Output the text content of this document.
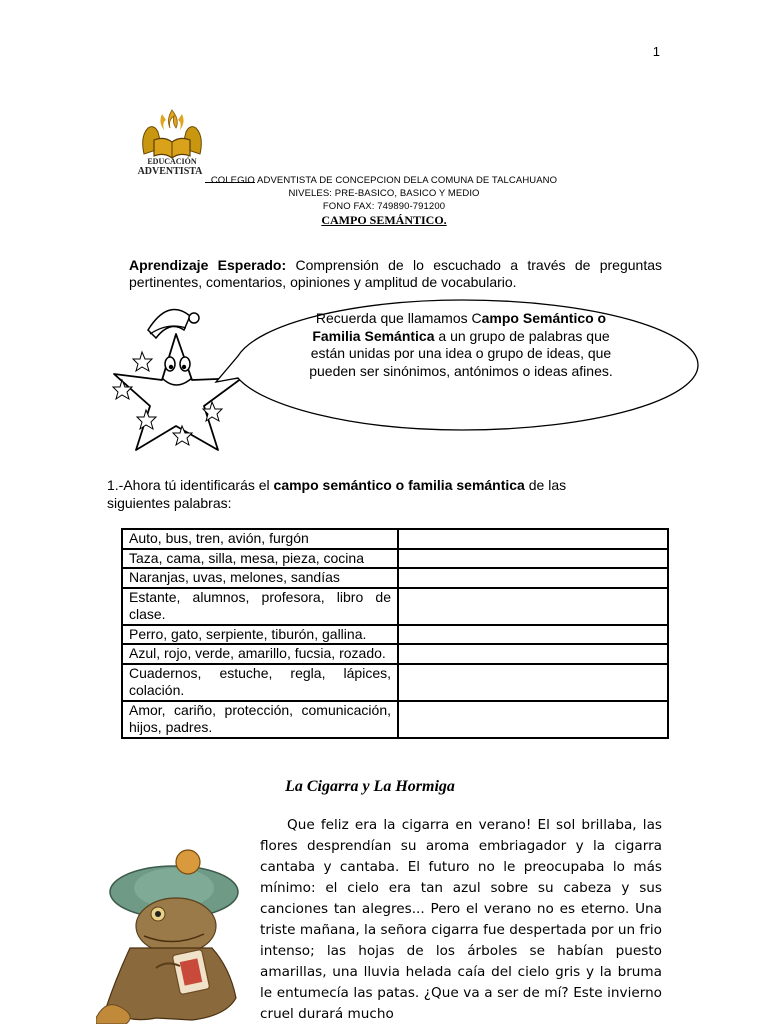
1
EDUCACIÓN
ADVENTISTA
COLEGIO ADVENTISTA DE CONCEPCION DELA COMUNA DE TALCAHUANO
NIVELES: PRE-BASICO, BASICO Y MEDIO
FONO FAX: 749890-791200
CAMPO SEMÁNTICO.
Aprendizaje Esperado: Comprensión de lo escuchado a través de preguntas pertinentes, comentarios, opiniones y amplitud de vocabulario.
Recuerda que llamamos Campo Semántico o Familia Semántica a un grupo de palabras que están unidas por una idea o grupo de ideas, que pueden ser sinónimos, antónimos o ideas afines.
1.-Ahora tú identificarás el campo semántico o familia semántica de las siguientes palabras:
Auto, bus, tren, avión, furgón	
Taza, cama, silla, mesa, pieza, cocina	
Naranjas, uvas, melones, sandías	
Estante, alumnos, profesora, libro de clase.	
Perro, gato, serpiente, tiburón, gallina.	
Azul, rojo, verde, amarillo, fucsia, rozado.	
Cuadernos, estuche, regla, lápices, colación.	
Amor, cariño, protección, comunicación, hijos, padres.	
La Cigarra y La Hormiga

Que feliz era la cigarra en verano! El sol brillaba, las flores desprendían su aroma embriagador y la cigarra cantaba y cantaba. El futuro no le preocupaba lo más mínimo: el cielo era tan azul sobre su cabeza y sus canciones tan alegres... Pero el verano no es eterno. Una triste mañana, la señora cigarra fue despertada por un frio intenso; las hojas de los árboles se habían puesto amarillas, una lluvia helada caía del cielo gris y la bruma le entumecía las patas. ¿Que va a ser de mí? Este invierno cruel durará mucho
